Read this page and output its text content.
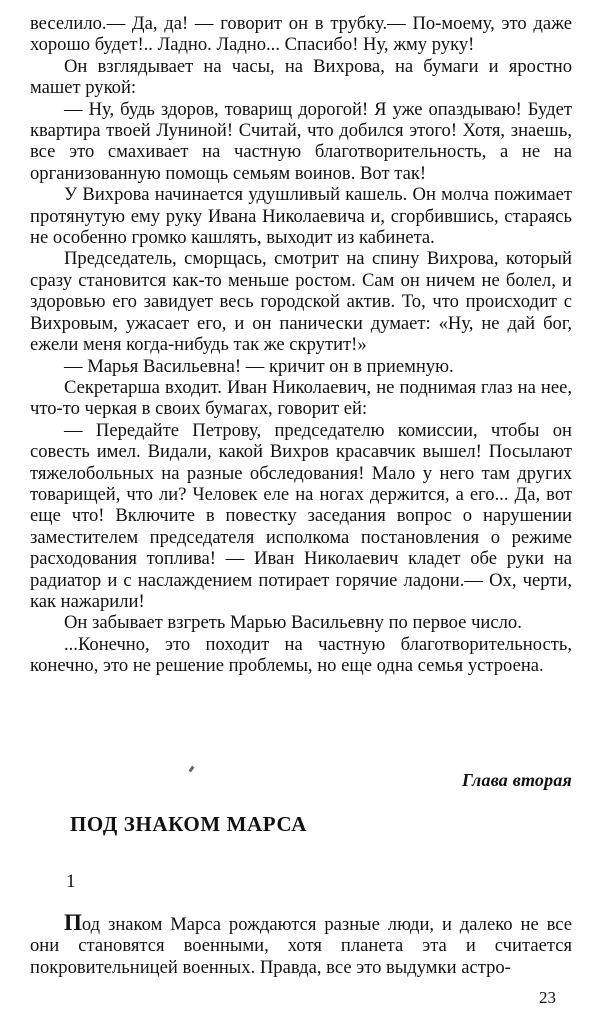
веселило.— Да, да! — говорит он в трубку.— По-моему, это даже хорошо будет!.. Ладно. Ладно... Спасибо! Ну, жму руку!

Он взглядывает на часы, на Вихрова, на бумаги и яростно машет рукой:

— Ну, будь здоров, товарищ дорогой! Я уже опаздываю! Будет квартира твоей Луниной! Считай, что добился этого! Хотя, знаешь, все это смахивает на частную благотворительность, а не на организованную помощь семьям воинов. Вот так!

У Вихрова начинается удушливый кашель. Он молча пожимает протянутую ему руку Ивана Николаевича и, сгорбившись, стараясь не особенно громко кашлять, выходит из кабинета.

Председатель, сморщась, смотрит на спину Вихрова, который сразу становится как-то меньше ростом. Сам он ничем не болел, и здоровью его завидует весь городской актив. То, что происходит с Вихровым, ужасает его, и он панически думает: «Ну, не дай бог, ежели меня когда-нибудь так же скрутит!»

— Марья Васильевна! — кричит он в приемную.

Секретарша входит. Иван Николаевич, не поднимая глаз на нее, что-то черкая в своих бумагах, говорит ей:

— Передайте Петрову, председателю комиссии, чтобы он совесть имел. Видали, какой Вихров красавчик вышел! Посылают тяжелобольных на разные обследования! Мало у него там других товарищей, что ли? Человек еле на ногах держится, а его... Да, вот еще что! Включите в повестку заседания вопрос о нарушении заместителем председателя исполкома постановления о режиме расходования топлива! — Иван Николаевич кладет обе руки на радиатор и с наслаждением потирает горячие ладони.— Ох, черти, как нажарили!

Он забывает взгреть Марью Васильевну по первое число.

...Конечно, это походит на частную благотворительность, конечно, это не решение проблемы, но еще одна семья устроена.

Глава вторая
ПОД ЗНАКОМ МАРСА
1

Под знаком Марса рождаются разные люди, и далеко не все они становятся военными, хотя планета эта и считается покровительницей военных. Правда, все это выдумки астро-

23
